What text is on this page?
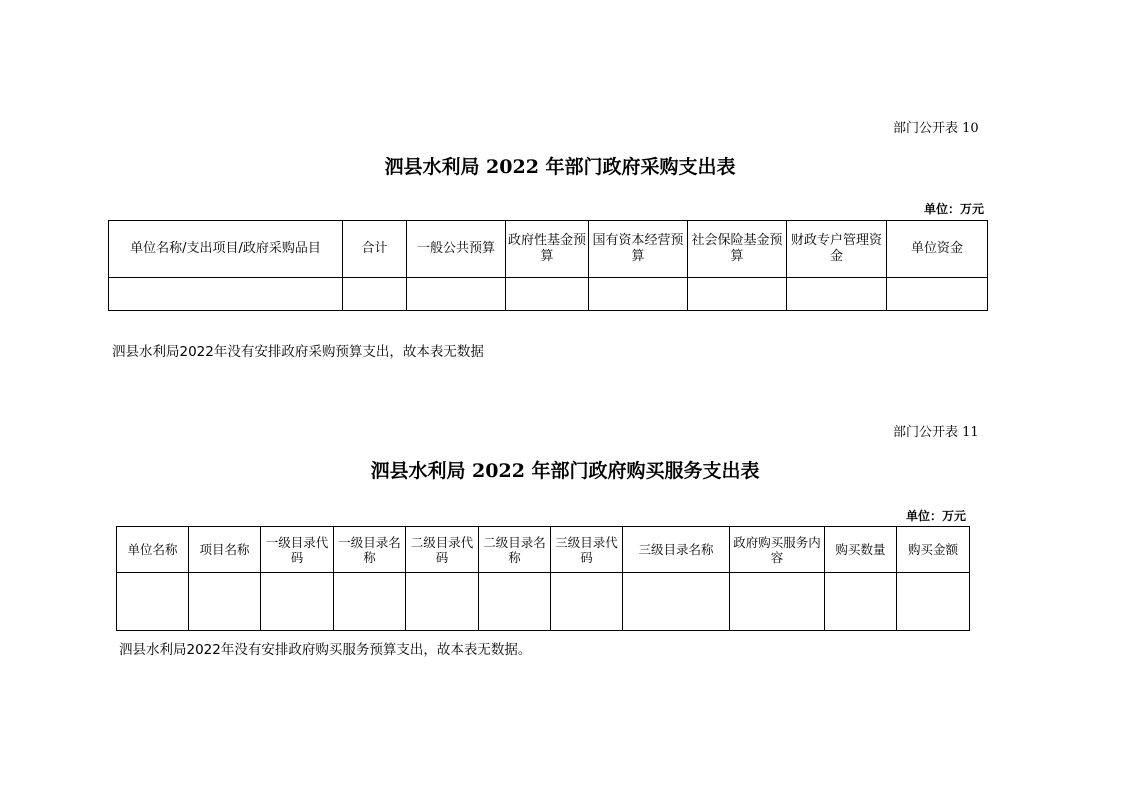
部门公开表 10
泗县水利局 2022 年部门政府采购支出表
单位：万元
单位名称/支出项目/政府采购品目	合计	一般公共预算	政府性基金预算	国有资本经营预算	社会保险基金预算	财政专户管理资金	单位资金

泗县水利局2022年没有安排政府采购预算支出，故本表无数据
部门公开表 11
泗县水利局 2022 年部门政府购买服务支出表
单位：万元
单位名称	项目名称	一级目录代码	一级目录名称	二级目录代码	二级目录名称	三级目录代码	三级目录名称	政府购买服务内容	购买数量	购买金额

泗县水利局2022年没有安排政府购买服务预算支出，故本表无数据。
